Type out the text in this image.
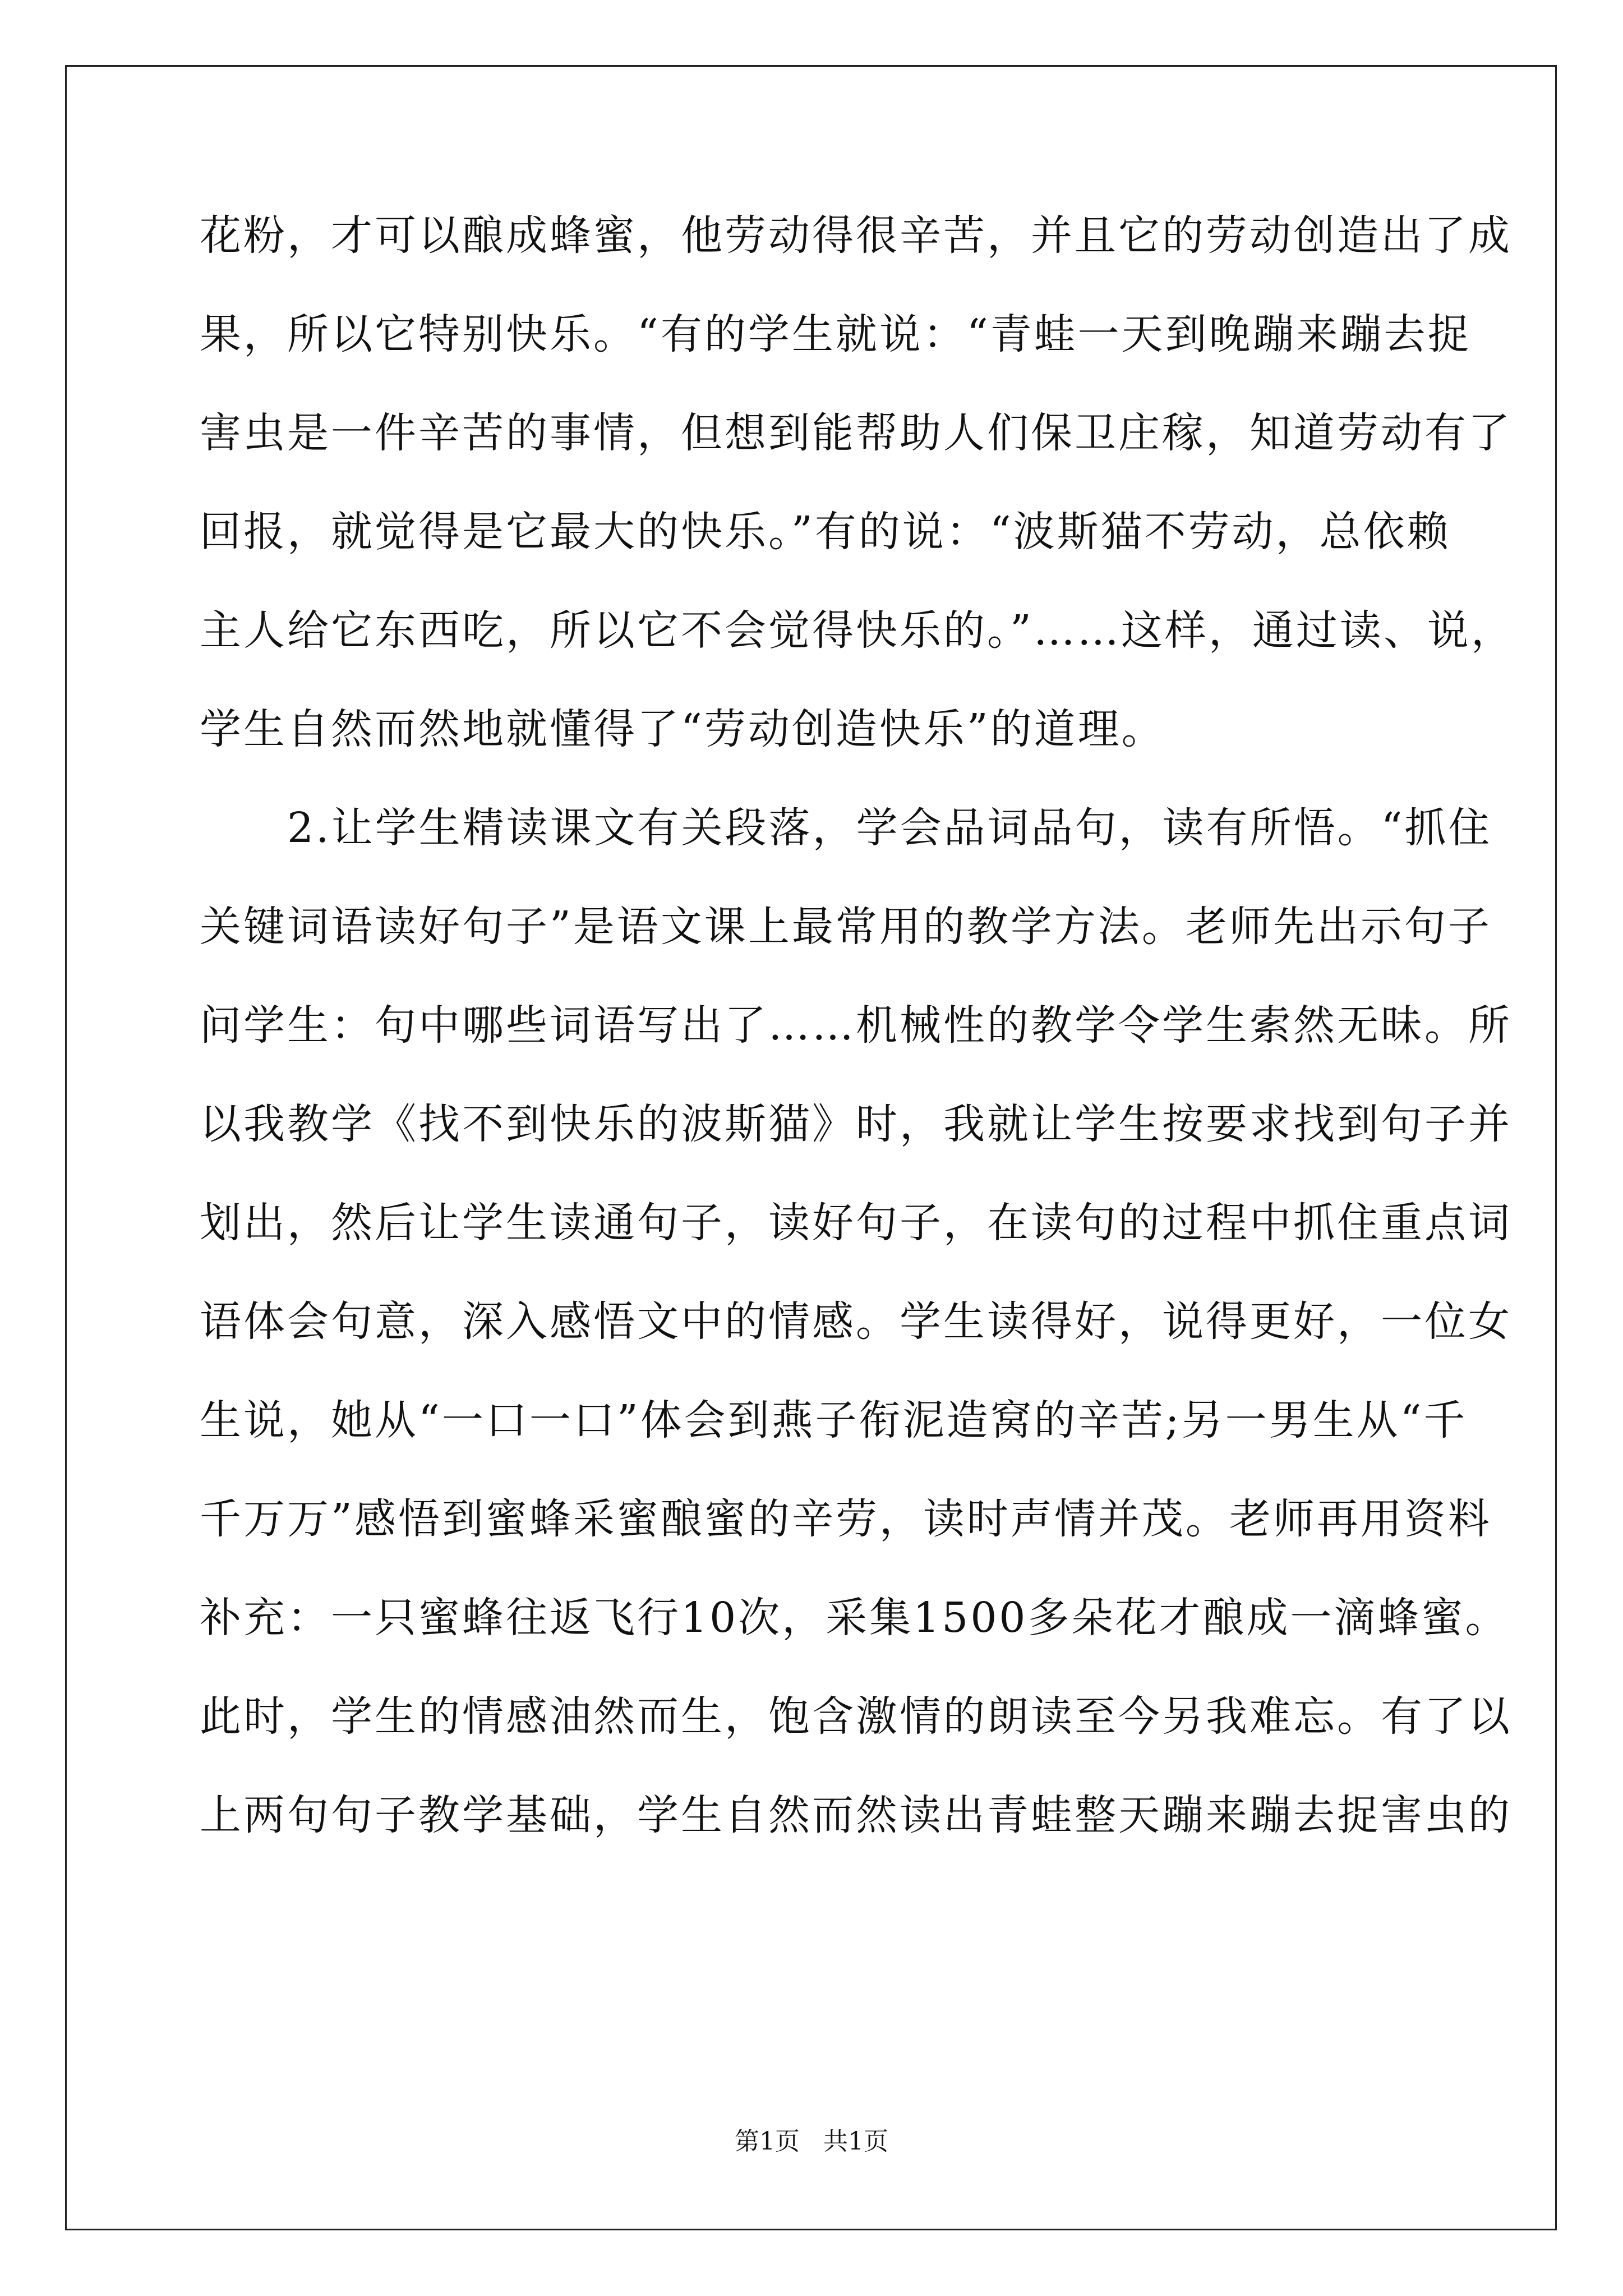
花粉，才可以酿成蜂蜜，他劳动得很辛苦，并且它的劳动创造出了成
果，所以它特别快乐。“有的学生就说：“青蛙一天到晚蹦来蹦去捉
害虫是一件辛苦的事情，但想到能帮助人们保卫庄稼，知道劳动有了
回报，就觉得是它最大的快乐。”有的说：“波斯猫不劳动，总依赖
主人给它东西吃，所以它不会觉得快乐的。”……这样，通过读、说，
学生自然而然地就懂得了“劳动创造快乐”的道理。
　　2.让学生精读课文有关段落，学会品词品句，读有所悟。“抓住
关键词语读好句子”是语文课上最常用的教学方法。老师先出示句子
问学生：句中哪些词语写出了……机械性的教学令学生索然无昧。所
以我教学《找不到快乐的波斯猫》时，我就让学生按要求找到句子并
划出，然后让学生读通句子，读好句子，在读句的过程中抓住重点词
语体会句意，深入感悟文中的情感。学生读得好，说得更好，一位女
生说，她从“一口一口”体会到燕子衔泥造窝的辛苦;另一男生从“千
千万万”感悟到蜜蜂采蜜酿蜜的辛劳，读时声情并茂。老师再用资料
补充：一只蜜蜂往返飞行10次，采集1500多朵花才酿成一滴蜂蜜。
此时，学生的情感油然而生，饱含激情的朗读至今另我难忘。有了以
上两句句子教学基础，学生自然而然读出青蛙整天蹦来蹦去捉害虫的
第1页   共1页
